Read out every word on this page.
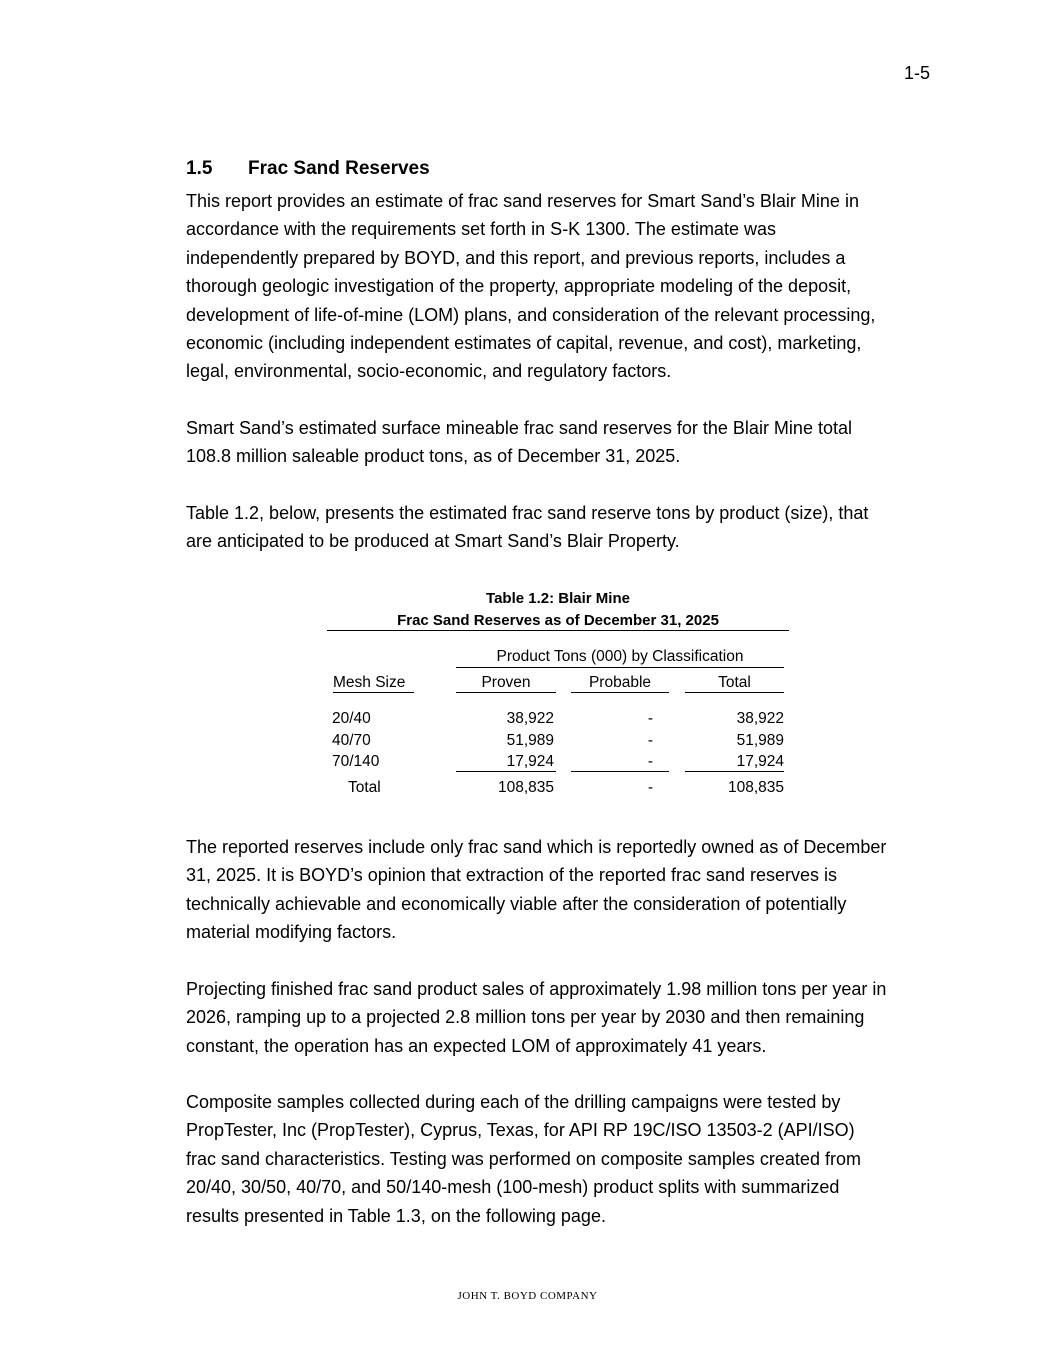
1-5
1.5 Frac Sand Reserves

This report provides an estimate of frac sand reserves for Smart Sand’s Blair Mine in
accordance with the requirements set forth in S-K 1300. The estimate was
independently prepared by BOYD, and this report, and previous reports, includes a
thorough geologic investigation of the property, appropriate modeling of the deposit,
development of life-of-mine (LOM) plans, and consideration of the relevant processing,
economic (including independent estimates of capital, revenue, and cost), marketing,
legal, environmental, socio-economic, and regulatory factors.

Smart Sand’s estimated surface mineable frac sand reserves for the Blair Mine total
108.8 million saleable product tons, as of December 31, 2025.

Table 1.2, below, presents the estimated frac sand reserve tons by product (size), that
are anticipated to be produced at Smart Sand’s Blair Property.

Table 1.2: Blair Mine
Frac Sand Reserves as of December 31, 2025
Product Tons (000) by Classification
Mesh Size	Proven	Probable	Total
20/40	38,922	-	38,922
40/70	51,989	-	51,989
70/140	17,924	-	17,924
Total	108,835	-	108,835

The reported reserves include only frac sand which is reportedly owned as of December
31, 2025. It is BOYD’s opinion that extraction of the reported frac sand reserves is
technically achievable and economically viable after the consideration of potentially
material modifying factors.

Projecting finished frac sand product sales of approximately 1.98 million tons per year in
2026, ramping up to a projected 2.8 million tons per year by 2030 and then remaining
constant, the operation has an expected LOM of approximately 41 years.

Composite samples collected during each of the drilling campaigns were tested by
PropTester, Inc (PropTester), Cyprus, Texas, for API RP 19C/ISO 13503-2 (API/ISO)
frac sand characteristics. Testing was performed on composite samples created from
20/40, 30/50, 40/70, and 50/140-mesh (100-mesh) product splits with summarized
results presented in Table 1.3, on the following page.

JOHN T. BOYD COMPANY
